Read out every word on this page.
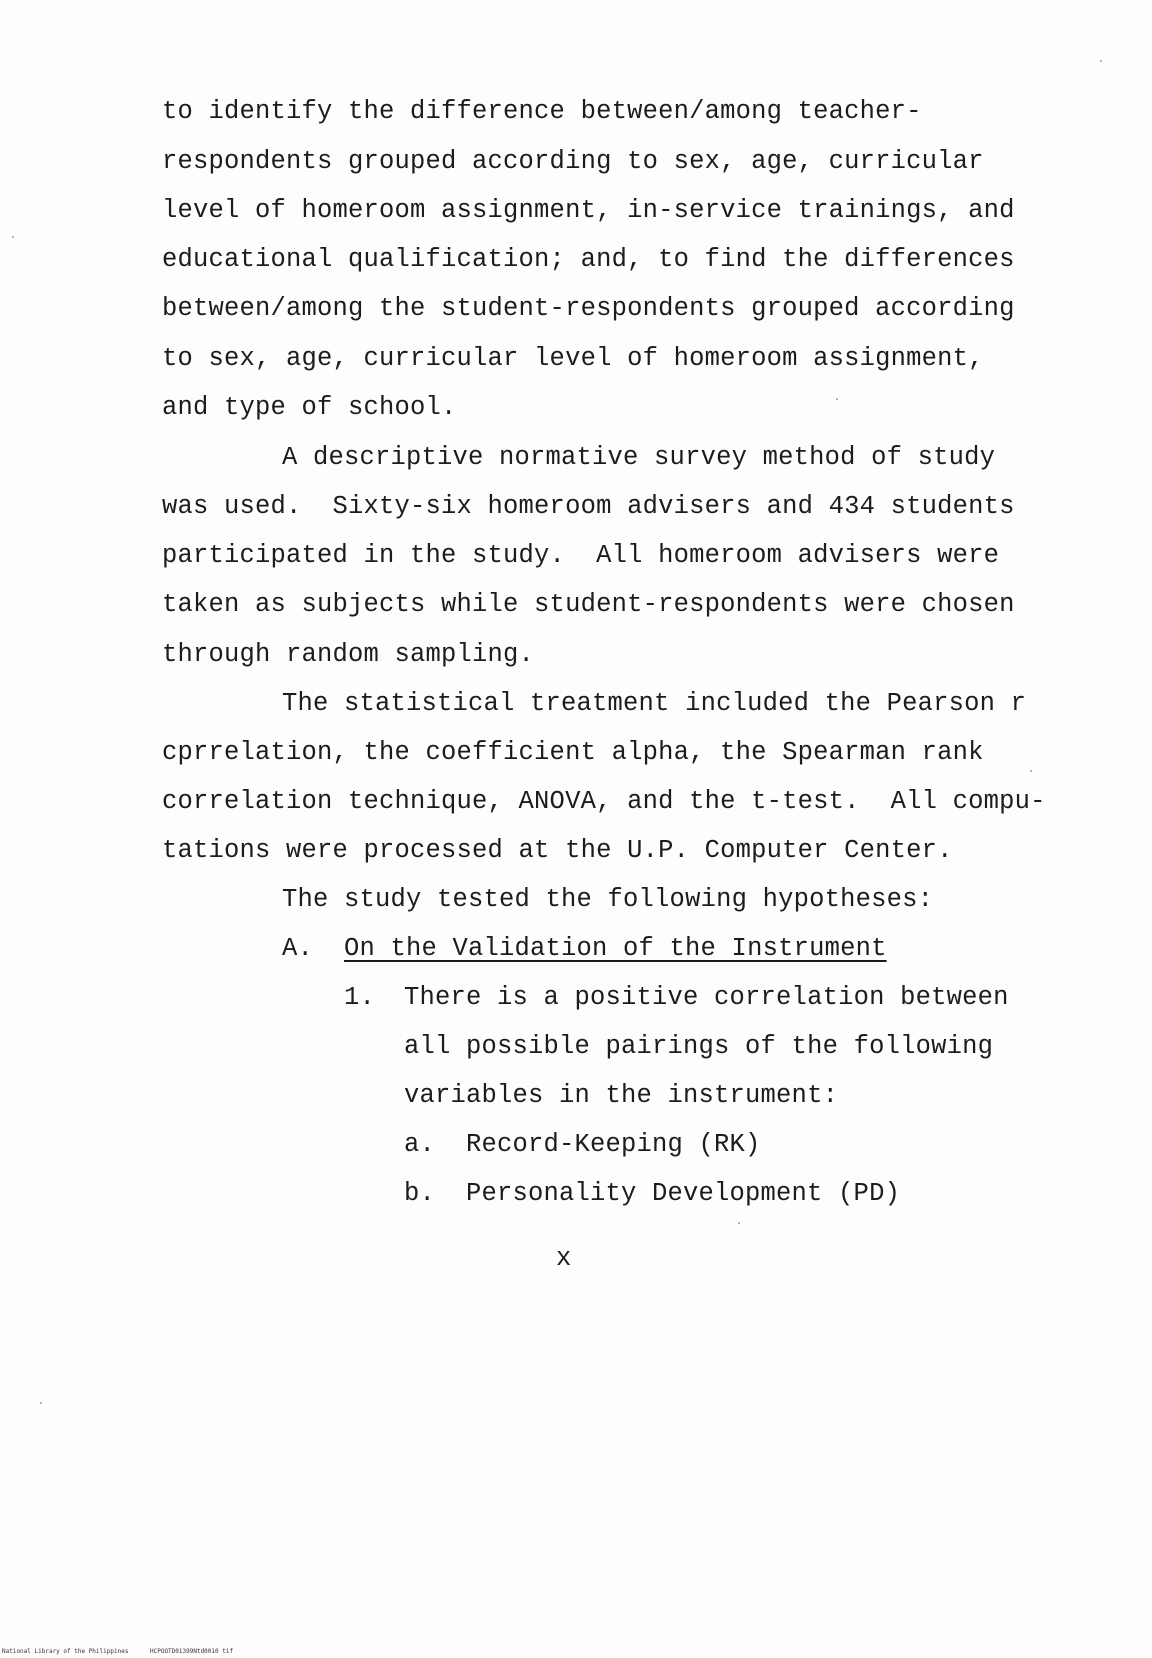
to identify the difference between/among teacher-
respondents grouped according to sex, age, curricular
level of homeroom assignment, in-service trainings, and
educational qualification; and, to find the differences
between/among the student-respondents grouped according
to sex, age, curricular level of homeroom assignment,
and type of school.
A descriptive normative survey method of study
was used.  Sixty-six homeroom advisers and 434 students
participated in the study.  All homeroom advisers were
taken as subjects while student-respondents were chosen
through random sampling.
The statistical treatment included the Pearson r
cprrelation, the coefficient alpha, the Spearman rank
correlation technique, ANOVA, and the t-test.  All compu-
tations were processed at the U.P. Computer Center.
The study tested the following hypotheses:
A. On the Validation of the Instrument
1. There is a positive correlation between
all possible pairings of the following
variables in the instrument:
a. Record-Keeping (RK)
b. Personality Development (PD)
x
National Library of the Philippines	HCPOOTD01399Ntd0010 tif
